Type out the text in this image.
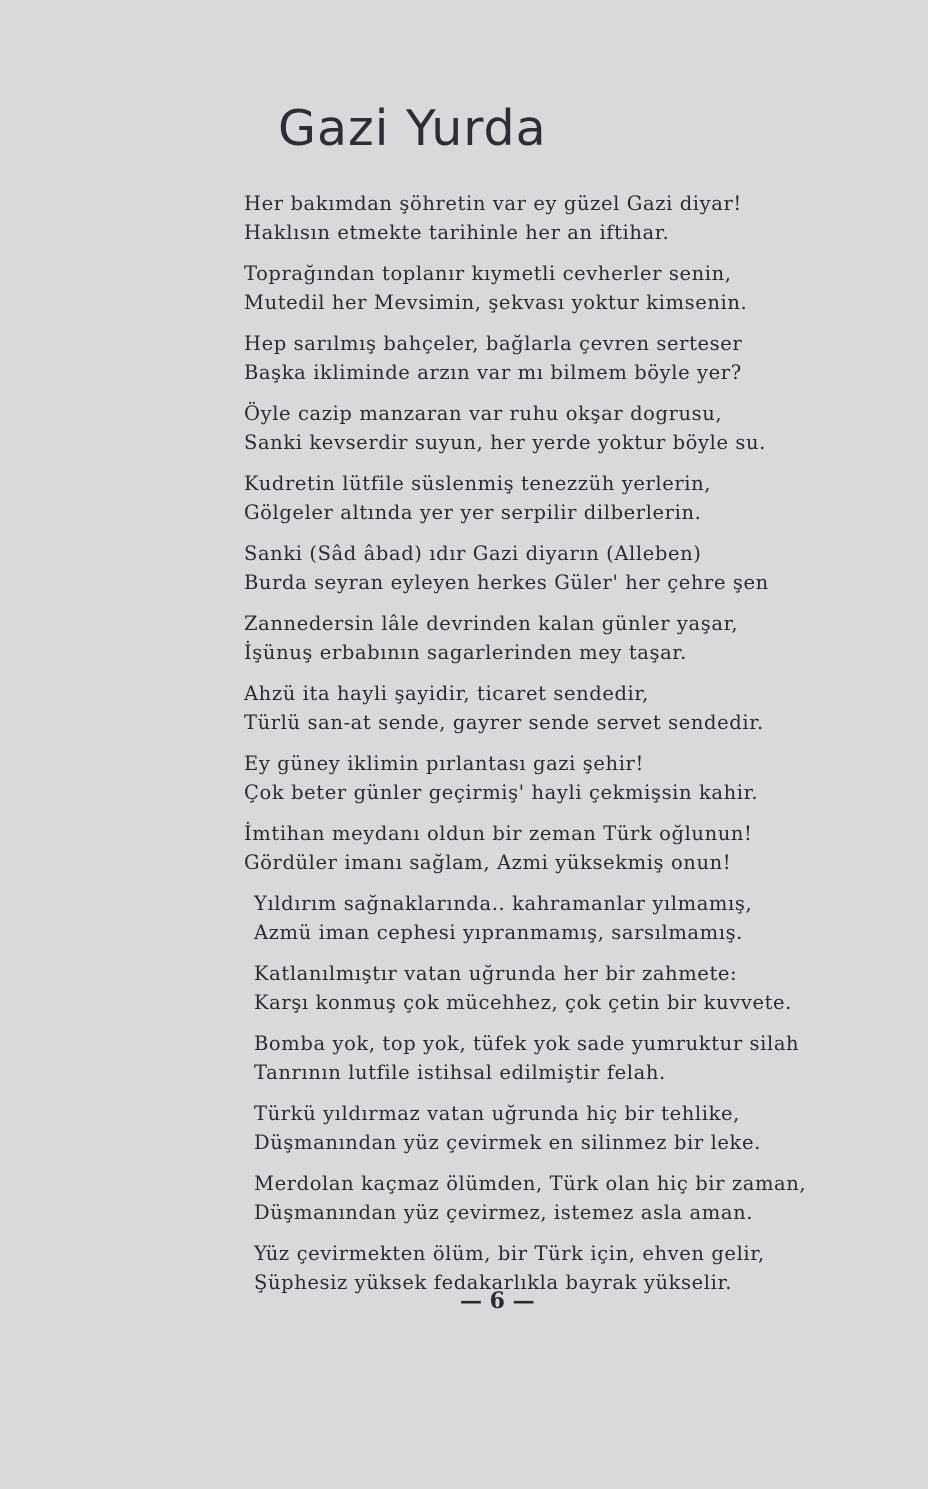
Gazi Yurda
Her bakımdan şöhretin var ey güzel Gazi diyar!
Haklısın etmekte tarihinle her an iftihar.
Toprağından toplanır kıymetli cevherler senin,
Mutedil her Mevsimin, şekvası yoktur kimsenin.
Hep sarılmış bahçeler, bağlarla çevren serteser
Başka ikliminde arzın var mı bilmem böyle yer?
Öyle cazip manzaran var ruhu okşar dogrusu,
Sanki kevserdir suyun, her yerde yoktur böyle su.
Kudretin lütfile süslenmiş tenezzüh yerlerin,
Gölgeler altında yer yer serpilir dilberlerin.
Sanki (Sâd âbad) ıdır Gazi diyarın (Alleben)
Burda seyran eyleyen herkes Güler' her çehre şen
Zannedersin lâle devrinden kalan günler yaşar,
İşünuş erbabının sagarlerinden mey taşar.
Ahzü ita hayli şayidir, ticaret sendedir,
Türlü san-at sende, gayrer sende servet sendedir.
Ey güney iklimin pırlantası gazi şehir!
Çok beter günler geçirmiş' hayli çekmişsin kahir.
İmtihan meydanı oldun bir zeman Türk oğlunun!
Gördüler imanı sağlam, Azmi yüksekmiş onun!
Yıldırım sağnaklarında.. kahramanlar yılmamış,
Azmü iman cephesi yıpranmamış, sarsılmamış.
Katlanılmıştır vatan uğrunda her bir zahmete:
Karşı konmuş çok mücehhez, çok çetin bir kuvvete.
Bomba yok, top yok, tüfek yok sade yumruktur silah
Tanrının lutfile istihsal edilmiştir felah.
Türkü yıldırmaz vatan uğrunda hiç bir tehlike,
Düşmanından yüz çevirmek en silinmez bir leke.
Merdolan kaçmaz ölümden, Türk olan hiç bir zaman,
Düşmanından yüz çevirmez, istemez asla aman.
Yüz çevirmekten ölüm, bir Türk için, ehven gelir,
Şüphesiz yüksek fedakarlıkla bayrak yükselir.
— 6 —
